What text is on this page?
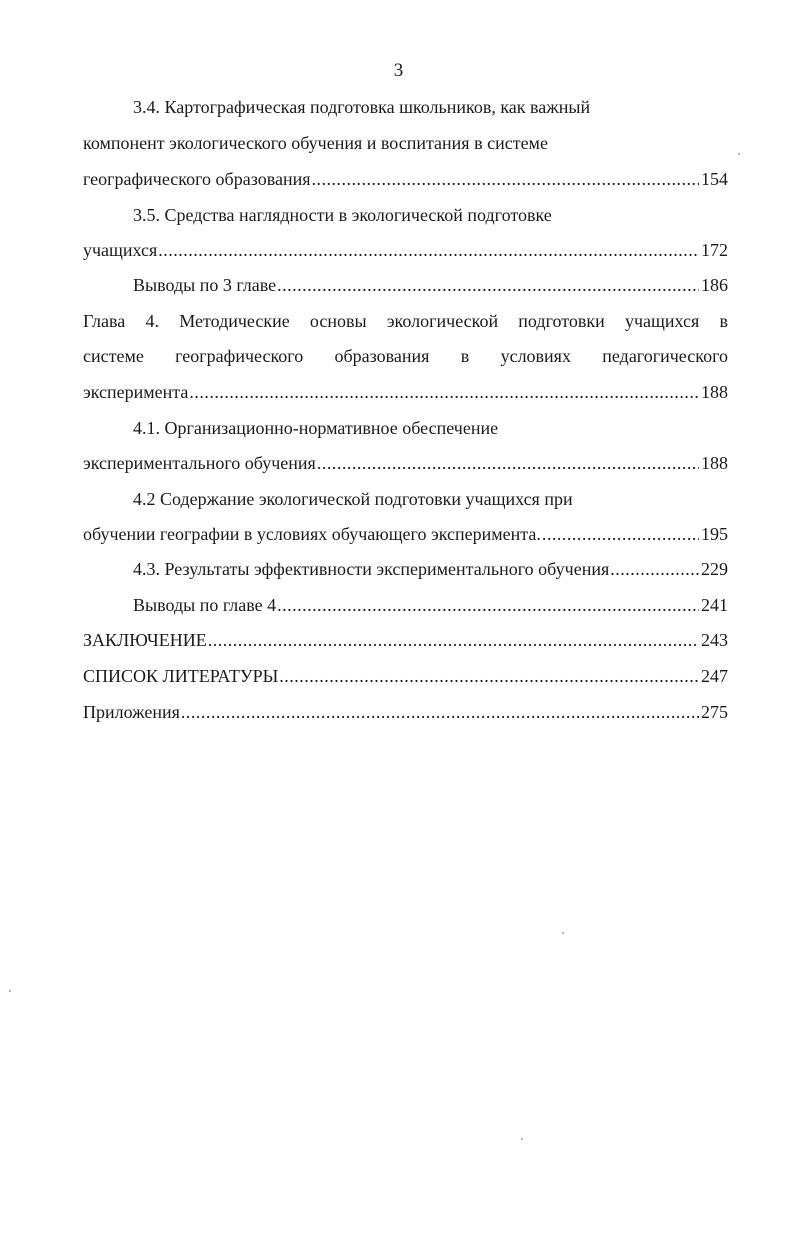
3
3.4. Картографическая подготовка школьников, как важный
компонент экологического обучения и воспитания в системе
географического образования .....	154
3.5. Средства наглядности в экологической подготовке
учащихся .....	172
Выводы по 3 главе .....	186
Глава 4. Методические основы экологической подготовки учащихся в
системе географического образования в условиях педагогического
эксперимента .....	188
4.1. Организационно-нормативное обеспечение
экспериментального обучения .....	188
4.2 Содержание экологической подготовки учащихся при
обучении географии в условиях обучающего эксперимента. .....	195
4.3. Результаты эффективности экспериментального обучения .....	229
Выводы по главе 4 .....	241
ЗАКЛЮЧЕНИЕ .....	243
СПИСОК ЛИТЕРАТУРЫ .....	247
Приложения .....	275
